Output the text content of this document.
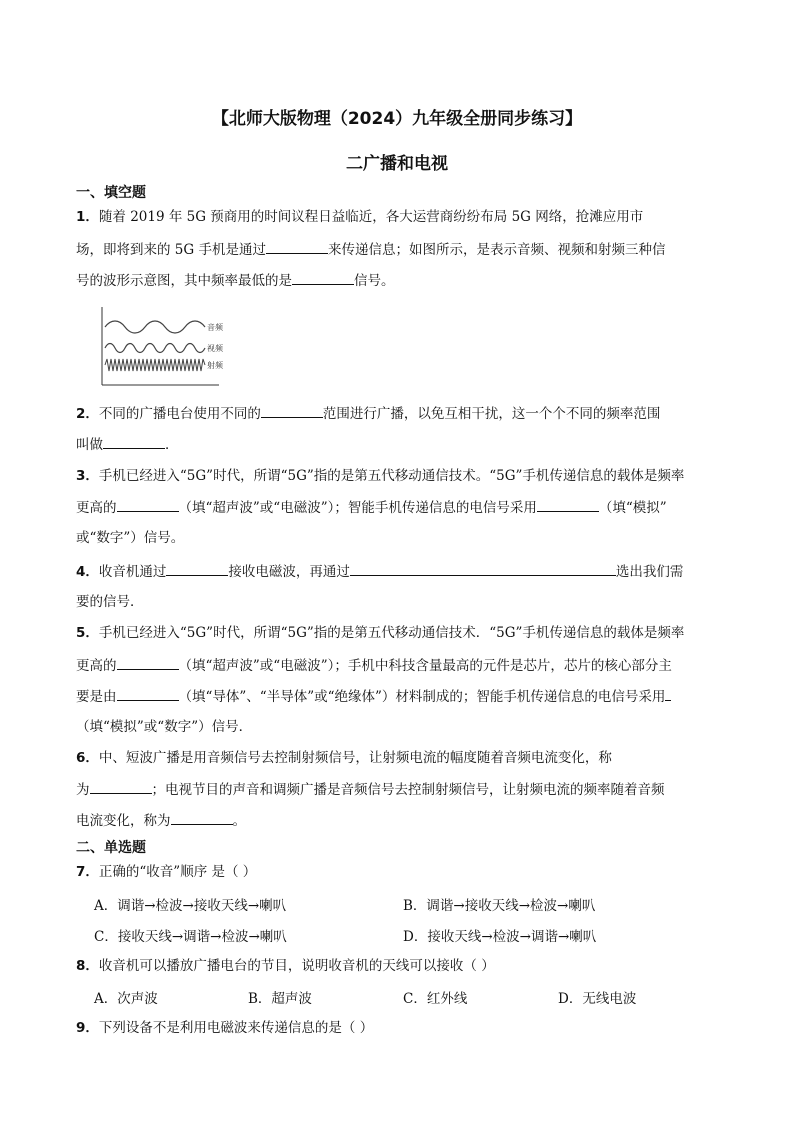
【北师大版物理（2024）九年级全册同步练习】
二广播和电视
一、填空题
1．随着 2019 年 5G 预商用的时间议程日益临近，各大运营商纷纷布局 5G 网络，抢滩应用市
场，即将到来的 5G 手机是通过	来传递信息；如图所示，是表示音频、视频和射频三种信
号的波形示意图，其中频率最低的是	信号。
音频
视频
射频
2．不同的广播电台使用不同的	范围进行广播，以免互相干扰，这一个个不同的频率范围
叫做	．
3．手机已经进入“5G”时代，所谓“5G”指的是第五代移动通信技术。“5G”手机传递信息的载体是频率
更高的	（填“超声波”或“电磁波”）；智能手机传递信息的电信号采用	（填“模拟”
或“数字”）信号。
4．收音机通过	接收电磁波，再通过	选出我们需
要的信号．
5．手机已经进入“5G”时代，所谓“5G”指的是第五代移动通信技术．“5G”手机传递信息的载体是频率
更高的	（填“超声波”或“电磁波”）；手机中科技含量最高的元件是芯片，芯片的核心部分主
要是由	（填“导体”、“半导体”或“绝缘体”）材料制成的；智能手机传递信息的电信号采用
（填“模拟”或“数字”）信号．
6．中、短波广播是用音频信号去控制射频信号，让射频电流的幅度随着音频电流变化，称
为	；电视节目的声音和调频广播是音频信号去控制射频信号，让射频电流的频率随着音频
电流变化，称为	。
二、单选题
7．正确的“收音”顺序 是（ ）
A．调谐→检波→接收天线→喇叭	B．调谐→接收天线→检波→喇叭
C．接收天线→调谐→检波→喇叭	D．接收天线→检波→调谐→喇叭
8．收音机可以播放广播电台的节目，说明收音机的天线可以接收（ ）
A．次声波	B．超声波	C．红外线	D．无线电波
9．下列设备不是利用电磁波来传递信息的是（ ）
